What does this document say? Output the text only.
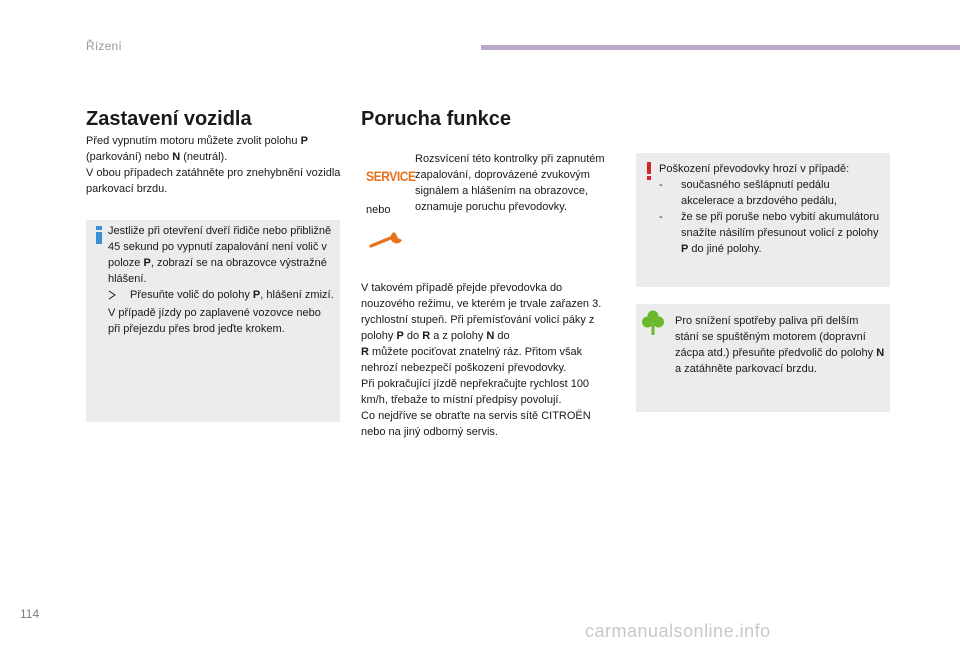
Řízení
Zastavení vozidla

Před vypnutím motoru můžete zvolit polohu P
(parkování) nebo N (neutrál).

V obou případech zatáhněte pro znehybnění vozidla parkovací brzdu.

Jestliže při otevření dveří řidiče nebo přibližně 45 sekund po vypnutí zapalování není volič v poloze P, zobrazí se na obrazovce výstražné hlášení.

Přesuňte volič do polohy P, hlášení zmizí.

V případě jízdy po zaplavené vozovce nebo při přejezdu přes brod jeďte krokem.

Porucha funkce
SERVICE
nebo
Rozsvícení této kontrolky při zapnutém zapalování, doprovázené zvukovým signálem a hlášením na obrazovce, oznamuje poruchu převodovky.

V takovém případě přejde převodovka do nouzového režimu, ve kterém je trvale zařazen 3. rychlostní stupeň. Při přemísťování volicí páky z polohy P do R a z polohy N do
R můžete pociťovat znatelný ráz. Přitom však nehrozí nebezpečí poškození převodovky.

Při pokračující jízdě nepřekračujte rychlost 100 km/h, třebaže to místní předpisy povolují.

Co nejdříve se obraťte na servis sítě CITROËN nebo na jiný odborný servis.

Poškození převodovky hrozí v případě:

-	současného sešlápnutí pedálu akcelerace a brzdového pedálu,
-	že se při poruše nebo vybití akumulátoru snažíte násilím přesunout volicí z polohy P do jiné polohy.

Pro snížení spotřeby paliva při delším stání se spuštěným motorem (dopravní zácpa atd.) přesuňte předvolič do polohy N a zatáhněte parkovací brzdu.

114
carmanualsonline.info
